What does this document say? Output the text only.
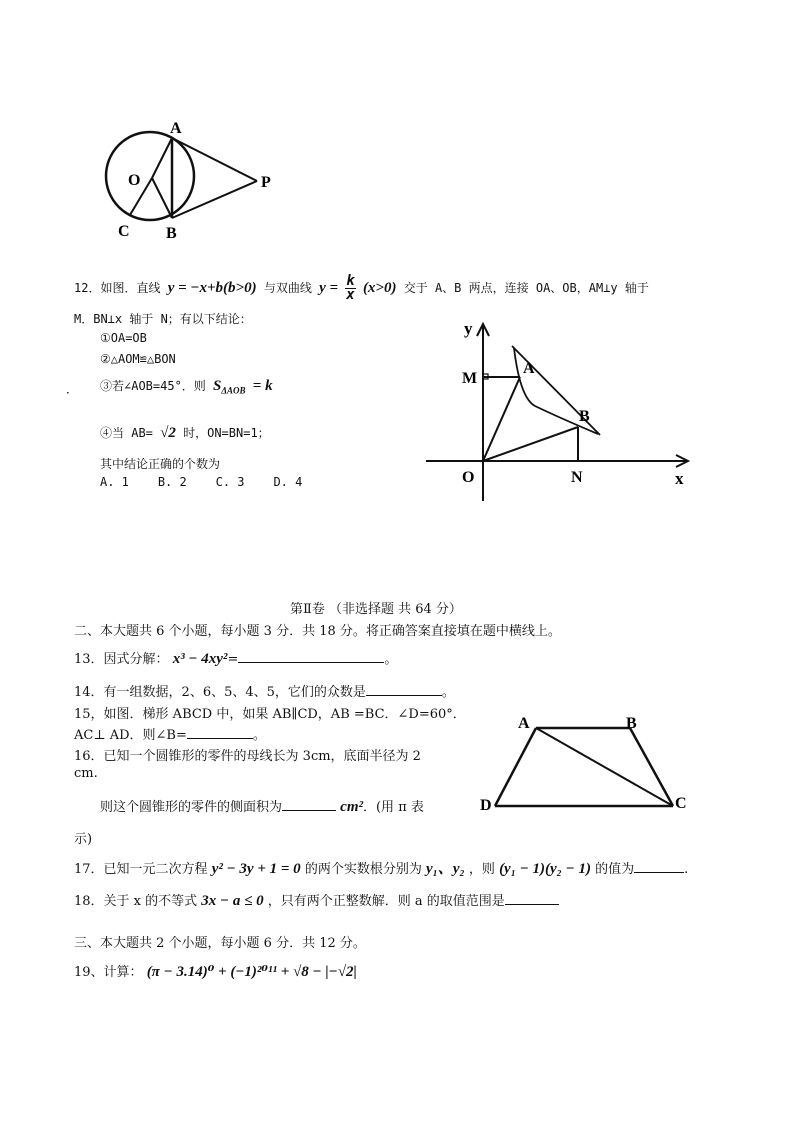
A
O
C B
P
12．如图．直线 y = −x+b(b>0) 与双曲线 $y = \frac{k}{x} (x>0)$ 交于 A、B 两点，连接 OA、OB，AM⊥y 轴于
M．BN⊥x 轴于 N；有以下结论：
①OA=OB
②△AOM≌△BON
． ③若∠AOB=45°．则 $S_{\Delta AOB} = k$
④当 AB= √2 时，ON=BN=1；
其中结论正确的个数为
A. 1 B. 2 C. 3 D. 4
y
M
A
B
O	N	x
第Ⅱ卷 （非选择题 共 64 分）
二、本大题共 6 个小题，每小题 3 分．共 18 分。将正确答案直接填在题中横线上。
13．因式分解： x³ − 4xy²=	。
14．有一组数据，2、6、5、4、5，它们的众数是	。
15，如图．梯形 ABCD 中，如果 AB∥CD，AB =BC．∠D=60°．
AC⊥ AD．则∠B=	。
16．已知一个圆锥形的零件的母线长为 3cm，底面半径为 2
cm.
则这个圆锥形的零件的侧面积为	cm²．(用 π 表
示)
A	B
D	C
17．已知一元二次方程 y² − 3y + 1 = 0 的两个实数根分别为 y₁、y₂ ，则 (y₁ − 1)(y₂ − 1) 的值为	.
18．关于 x 的不等式 3x − a ≤ 0 ，只有两个正整数解．则 a 的取值范围是
三、本大题共 2 个小题，每小题 6 分．共 12 分。
19、计算： (π − 3.14)⁰ + (−1)²⁰¹¹ + √8 − |−√2|
